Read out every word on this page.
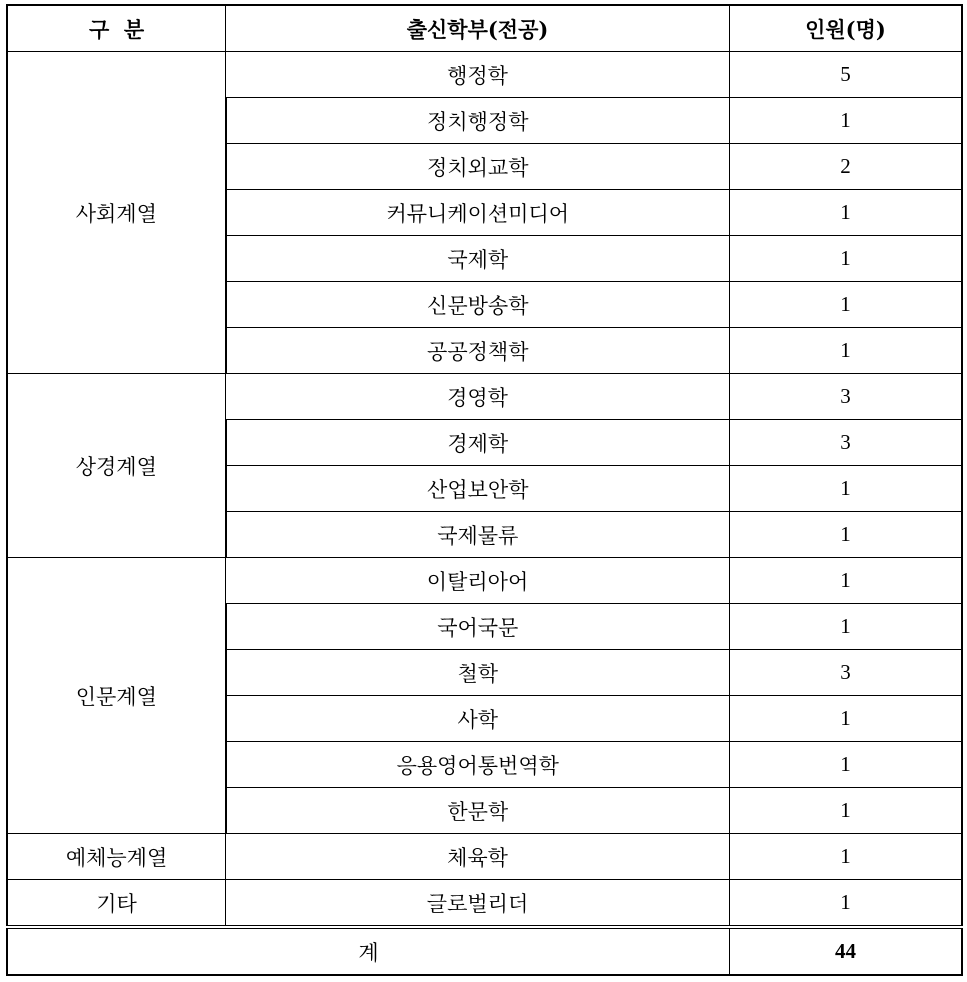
구  분	출신학부(전공)	인원(명)
사회계열	행정학	5
	정치행정학	1
	정치외교학	2
	커뮤니케이션미디어	1
	국제학	1
	신문방송학	1
	공공정책학	1
상경계열	경영학	3
	경제학	3
	산업보안학	1
	국제물류	1
인문계열	이탈리아어	1
	국어국문	1
	철학	3
	사학	1
	응용영어통번역학	1
	한문학	1
예체능계열	체육학	1
기타	글로벌리더	1
계		44
